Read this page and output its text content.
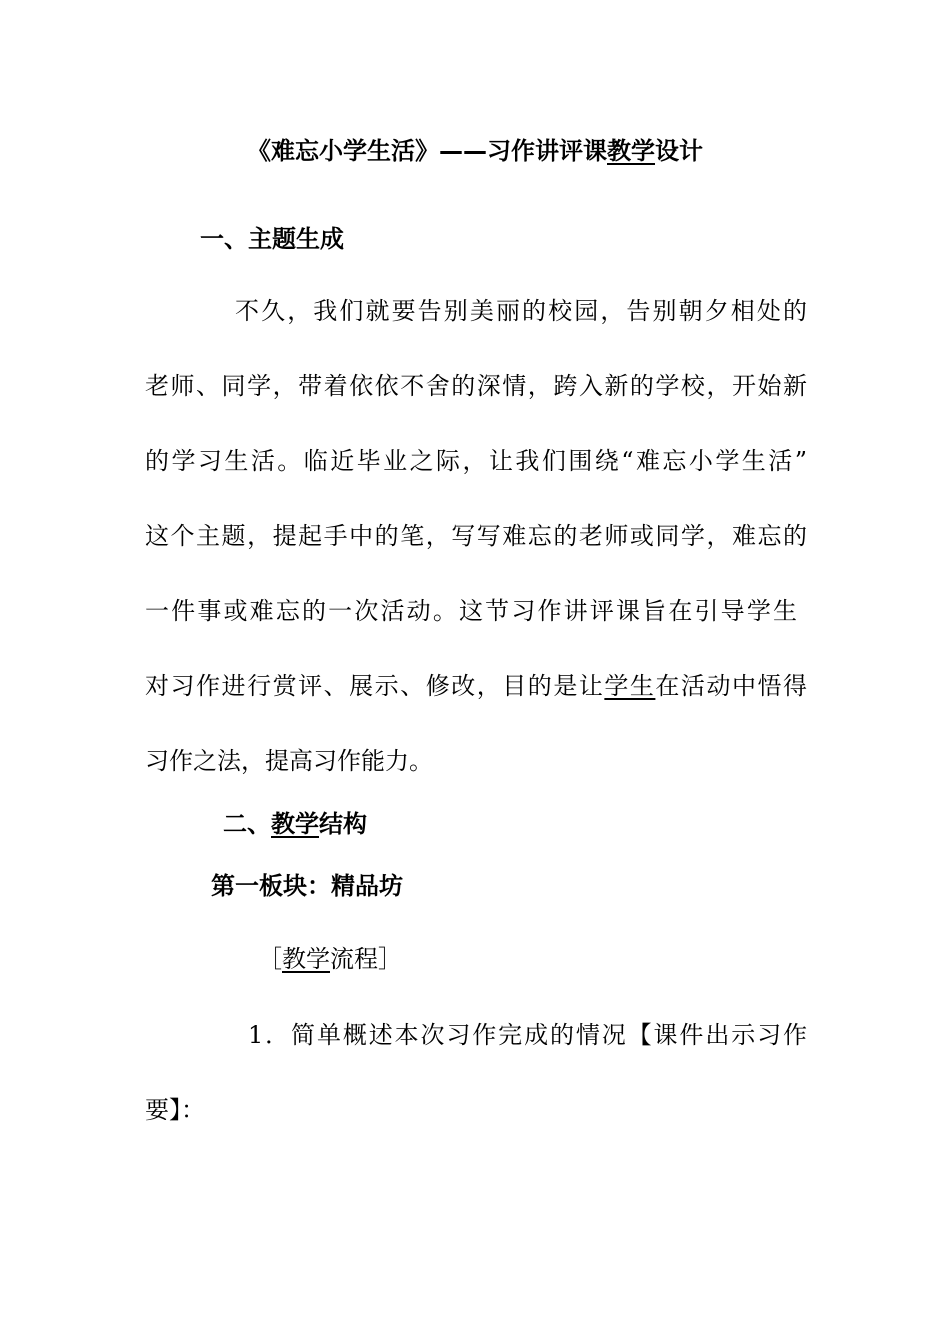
《难忘小学生活》——习作讲评课教学设计

一、主题生成

不久，我们就要告别美丽的校园，告别朝夕相处的

老师、同学，带着依依不舍的深情，跨入新的学校，开始新

的学习生活。临近毕业之际，让我们围绕“难忘小学生活”

这个主题，提起手中的笔，写写难忘的老师或同学，难忘的

一件事或难忘的一次活动。这节习作讲评课旨在引导学生

对习作进行赏评、展示、修改，目的是让学生在活动中悟得

习作之法，提高习作能力。

二、教学结构

第一板块：精品坊

［教学流程］

1．简单概述本次习作完成的情况【课件出示习作

要】：
